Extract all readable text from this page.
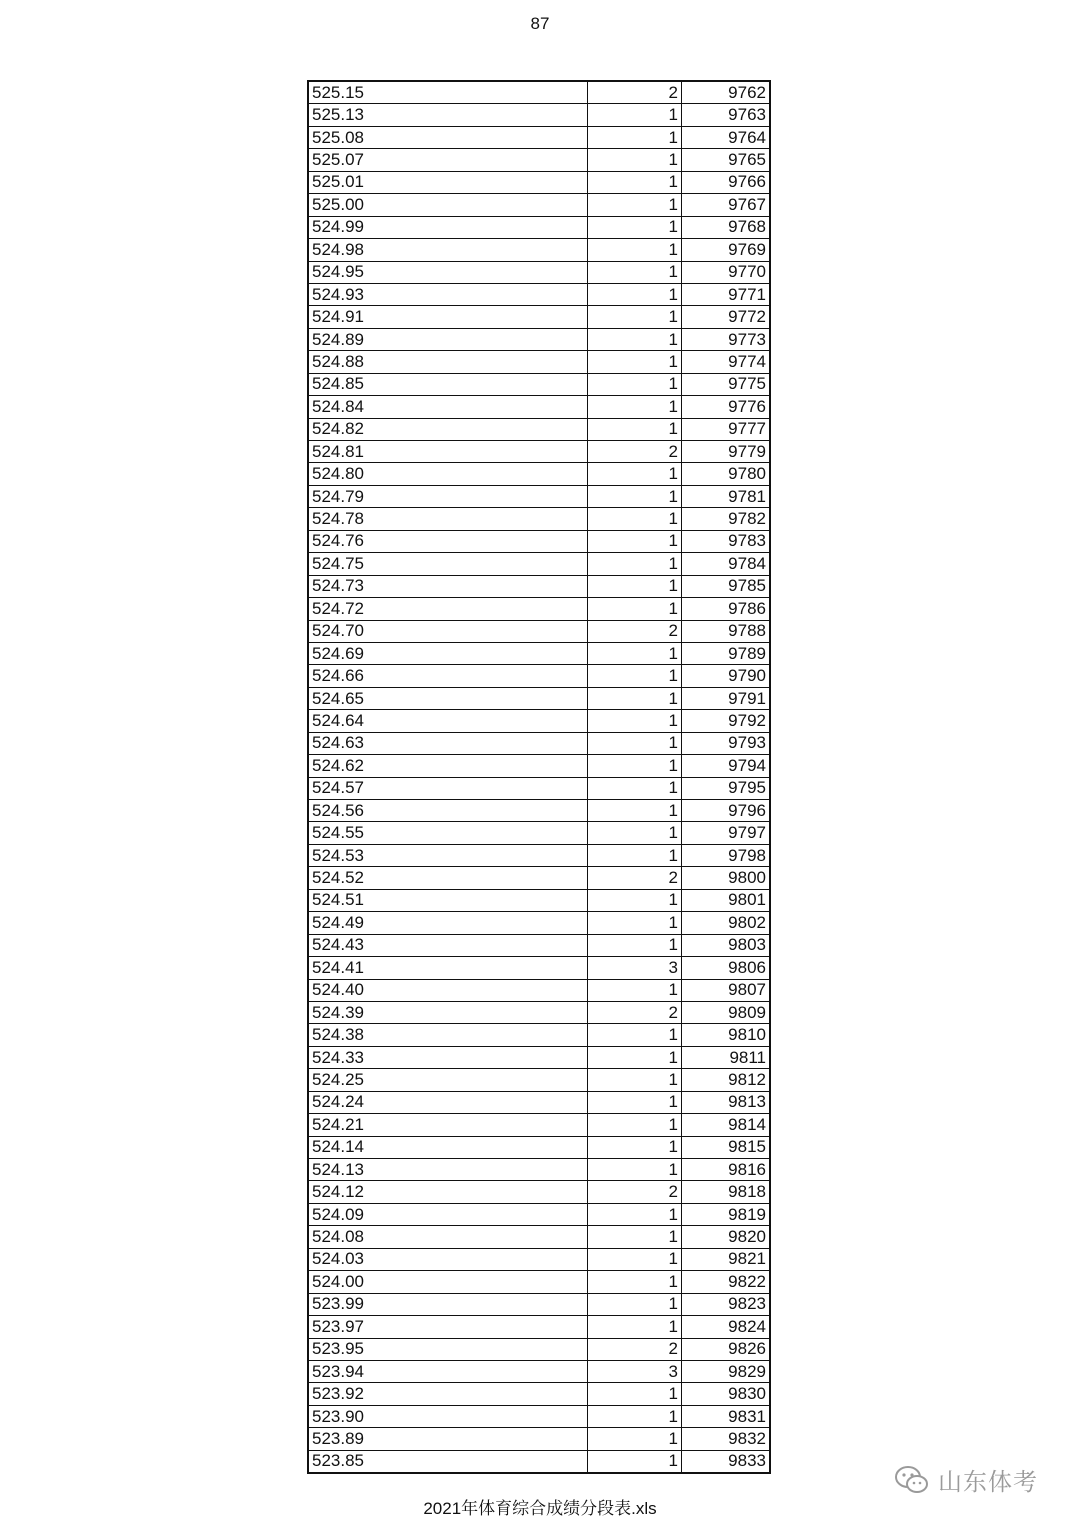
87
525.15	2	9762
525.13	1	9763
525.08	1	9764
525.07	1	9765
525.01	1	9766
525.00	1	9767
524.99	1	9768
524.98	1	9769
524.95	1	9770
524.93	1	9771
524.91	1	9772
524.89	1	9773
524.88	1	9774
524.85	1	9775
524.84	1	9776
524.82	1	9777
524.81	2	9779
524.80	1	9780
524.79	1	9781
524.78	1	9782
524.76	1	9783
524.75	1	9784
524.73	1	9785
524.72	1	9786
524.70	2	9788
524.69	1	9789
524.66	1	9790
524.65	1	9791
524.64	1	9792
524.63	1	9793
524.62	1	9794
524.57	1	9795
524.56	1	9796
524.55	1	9797
524.53	1	9798
524.52	2	9800
524.51	1	9801
524.49	1	9802
524.43	1	9803
524.41	3	9806
524.40	1	9807
524.39	2	9809
524.38	1	9810
524.33	1	9811
524.25	1	9812
524.24	1	9813
524.21	1	9814
524.14	1	9815
524.13	1	9816
524.12	2	9818
524.09	1	9819
524.08	1	9820
524.03	1	9821
524.00	1	9822
523.99	1	9823
523.97	1	9824
523.95	2	9826
523.94	3	9829
523.92	1	9830
523.90	1	9831
523.89	1	9832
523.85	1	9833
2021年体育综合成绩分段表.xls
山东体考
